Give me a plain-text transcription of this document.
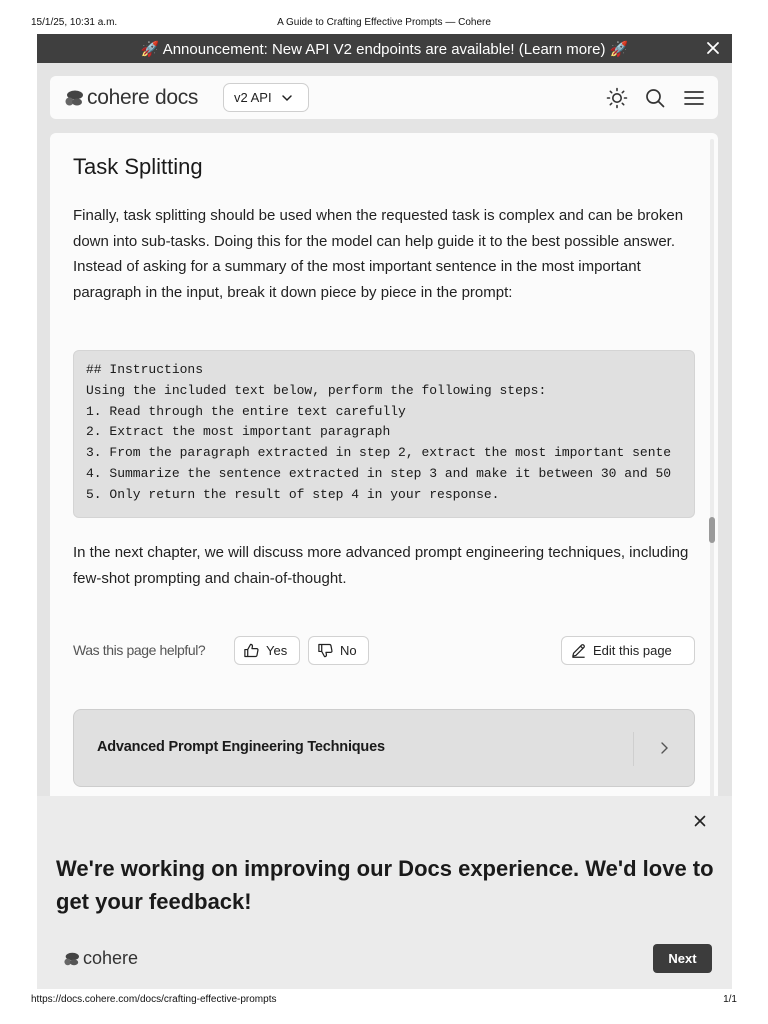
15/1/25, 10:31 a.m.	A Guide to Crafting Effective Prompts — Cohere
🚀 Announcement: New API V2 endpoints are available! (Learn more) 🚀
cohere docs	v2 API
Task Splitting

Finally, task splitting should be used when the requested task is complex and can be broken down into sub-tasks. Doing this for the model can help guide it to the best possible answer. Instead of asking for a summary of the most important sentence in the most important paragraph in the input, break it down piece by piece in the prompt:

## Instructions
Using the included text below, perform the following steps:
1. Read through the entire text carefully
2. Extract the most important paragraph
3. From the paragraph extracted in step 2, extract the most important sente
4. Summarize the sentence extracted in step 3 and make it between 30 and 50
5. Only return the result of step 4 in your response.

In the next chapter, we will discuss more advanced prompt engineering techniques, including few-shot prompting and chain-of-thought.

Was this page helpful?	Yes	No	Edit this page
Advanced Prompt Engineering Techniques
We're working on improving our Docs experience. We'd love to get your feedback!
cohere	Next
https://docs.cohere.com/docs/crafting-effective-prompts	1/1
